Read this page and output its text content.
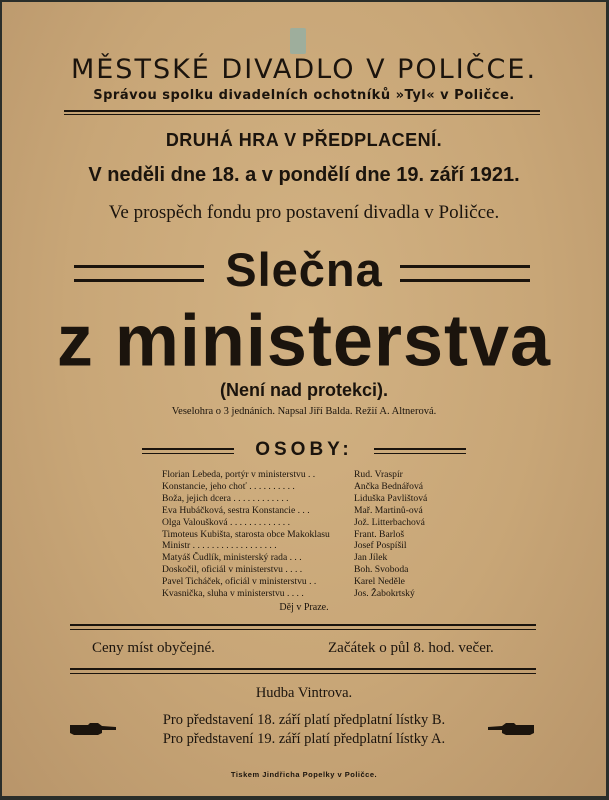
MĚSTSKÉ DIVADLO V POLIČCE.
Správou spolku divadelních ochotníků »Tyl« v Poličce.
DRUHÁ HRA V PŘEDPLACENÍ.
V neděli dne 18. a v pondělí dne 19. září 1921.
Ve prospěch fondu pro postavení divadla v Poličce.
Slečna
z ministerstva
(Není nad protekci).
Veselohra o 3 jednáních. Napsal Jiří Balda. Režií A. Altnerová.
OSOBY:
Florian Lebeda, portýr v ministerstvu . .	Rud. Vraspír
Konstancie, jeho choť . . . . . . . . . .	Ančka Bednářová
Boža, jejich dcera . . . . . . . . . . . .	Liduška Pavlištová
Eva Hubáčková, sestra Konstancie . . .	Mař. Martinů-ová
Olga Valoušková . . . . . . . . . . . . .	Jož. Litterbachová
Timoteus Kubišta, starosta obce Makoklasu	Frant. Barloš
Ministr . . . . . . . . . . . . . . . . . .	Josef Pospíšil
Matyáš Čudlík, ministerský rada . . .	Jan Jílek
Doskočil, oficiál v ministerstvu . . . .	Boh. Svoboda
Pavel Ticháček, oficiál v ministerstvu . .	Karel Neděle
Kvasnička, sluha v ministerstvu . . . .	Jos. Žabokrtský
Děj v Praze.
Ceny míst obyčejné.	Začátek o půl 8. hod. večer.
Hudba Vintrova.
Pro představení 18. září platí předplatní lístky B.
Pro představení 19. září platí předplatní lístky A.
Tiskem Jindřicha Popelky v Poličce.
